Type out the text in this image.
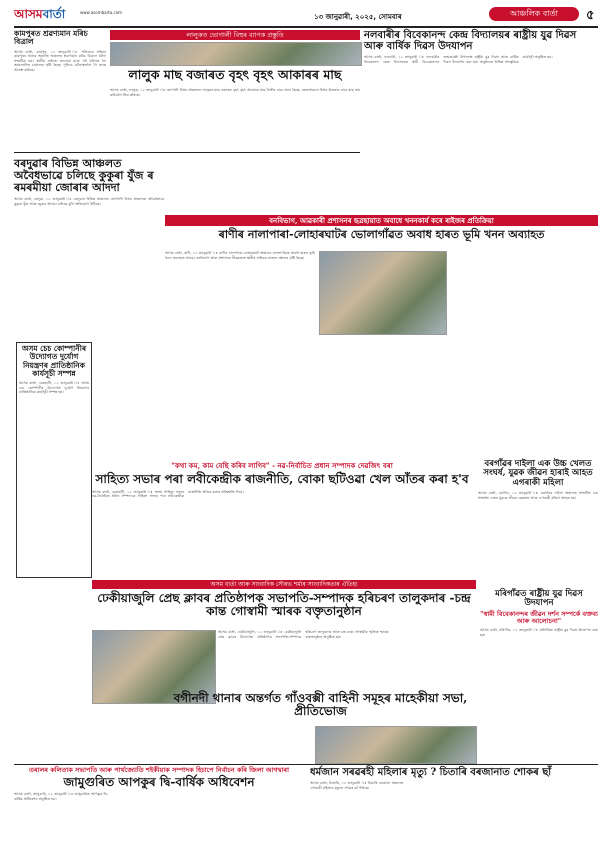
আসমবাৰ্তা	www.asombarta.com
১৩ জানুৱাৰী, ২০২৫, সোমবাৰ	আঞ্চলিক বাৰ্তা	৫
কামপুৰত শ্ৰৱণ্যমান মৰিচ বিত্ৰাল
আসম বাৰ্তা, কামপুৰ, ১২ জানুৱাৰী ঃ শনিবাৰে সন্ধিয়া কামপুৰৰ থানাৰ অন্তৰ্গত অঞ্চলত শ্ৰৱণ্যমান মৰিচ বিত্ৰাল ঘটনা সংঘটিত হয়। স্থানীয় ৰাইজে জনোৱা মতে এই ঘটনাক লৈ অঞ্চলটোত চাঞ্চল্যৰ সৃষ্টি হৈছে। পুলিচে ঘটনাস্থললৈ গৈ তদন্ত আৰম্ভ কৰিছে।
লালুকত ভোগালী বিহুৰ ব্যাপক প্ৰস্তুতি
লালুক মাছ বজাৰত বৃহৎ বৃহৎ আকাৰৰ মাছ
আসম বাৰ্তা, লালুক, ১২ জানুৱাৰী ঃ ভোগালী বিহুৰ প্ৰাক্কালত লালুকৰ মাছ বজাৰত বৃহৎ বৃহৎ আকাৰৰ মাছ বিক্ৰীৰ বাবে অনা হৈছে। ক্ৰেতাসকলে বিহুৰ উৰুকাৰ বাবে মাছ ক্ৰয় কৰিবলৈ ভিৰ কৰিছে।
নলবাৰীৰ বিবেকানন্দ কেন্দ্ৰ বিদ্যালয়ৰ ৰাষ্ট্ৰীয় যুৱ দিৱস আৰু বাৰ্ষিক দিৱস উদযাপন
আসম বাৰ্তা, নলবাৰী, ১২ জানুৱাৰী ঃ নলবাৰীৰ বিবেকানন্দ কেন্দ্ৰ বিদ্যালয়ত স্বামী বিবেকানন্দৰ জন্মজয়ন্তী উপলক্ষে ৰাষ্ট্ৰীয় যুৱ দিৱস আৰু বাৰ্ষিক দিৱস উদযাপন কৰা হয়। অনুষ্ঠানত বিভিন্ন সাংস্কৃতিক কাৰ্যসূচী অনুষ্ঠিত হয়।
বনবিভাগ, আৱকাৰী প্ৰশাসনৰ ছত্ৰছায়াত অবাধে খননকাৰ্য কৰে ৰাইজৰ প্ৰতিক্ৰিয়া
বৰদুৱাৰ বিভিন্ন আঞ্চলত অবৈধভাৱে চলিছে কুকুৰা যুঁজ ৰ ৰমৰমীয়া জোৰাৰ আদদা
আসম বাৰ্তা, বৰদুৱা, ১২ জানুৱাৰী ঃ বৰদুৱাৰ বিভিন্ন অঞ্চলত ভোগালী বিহুৰ প্ৰাক্কালত অবৈধভাৱে কুকুৰা যুঁজ আৰু জুৱাৰ আড্ডা চলিছে বুলি অভিযোগ উঠিছে।
ৰাণীৰ নালাপাৰা-লোহাৰঘাটৰ ভোলাগাঁৱত অবাধ হাৰত ভূমি খনন অব্যাহত
আসম বাৰ্তা, ৰাণী, ১২ জানুৱাৰী ঃ ৰাণীৰ নালাপাৰা-লোহাৰঘাট অঞ্চলৰ ভোলাগাঁৱত অবাধ হাৰত ভূমি খনন অব্যাহত আছে। বনবিভাগ আৰু প্ৰশাসনৰ নীৰৱতাত স্থানীয় ৰাইজৰ মাজত ক্ষোভৰ সৃষ্টি হৈছে।
অসম চেচ কোম্পানীৰ উদ্যোগত দুৰ্যোগ নিয়ন্ত্ৰণৰ প্ৰাতিষ্ঠানিক কাৰ্যসূচী সম্পন্ন
আসম বাৰ্তা, গুৱাহাটী, ১২ জানুৱাৰী ঃ অসম চেচ কোম্পানীৰ উদ্যোগত দুৰ্যোগ নিয়ন্ত্ৰণৰ প্ৰাতিষ্ঠানিক কাৰ্যসূচী সম্পন্ন হয়।
"কথা কম, কাম বেছি কৰিব লাগিব" - নৱ-নিৰ্বাচিত প্ৰধান সম্পাদক দেৱজিৎ বৰা
সাহিত্য সভাৰ পৰা লবীকেন্দ্ৰীক ৰাজনীতি, বোকা ছটিওৱা খেল আঁতৰ কৰা হ'ব
আসম বাৰ্তা, গুৱাহাটী, ১২ জানুৱাৰী ঃ অসম সাহিত্য সভাৰ নৱ-নিৰ্বাচিত প্ৰধান সম্পাদকে সাহিত্য সভাৰ পৰা লবীকেন্দ্ৰীক ৰাজনীতি আঁতৰ কৰাৰ প্ৰতিশ্ৰুতি দিয়ে।
বৰগাঁৱৰ দাইলা এক উচ্চ খেলত সংঘৰ্ষ, যুৱক জীৱন হাৰাই আহত এগৰাকী মহিলা
আসম বাৰ্তা, বৰগাঁও, ১২ জানুৱাৰী ঃ বৰগাঁৱৰ দাইলা অঞ্চলত সংঘটিত এক সংঘৰ্ষত এজন যুৱকে জীৱন হেৰুৱায় আৰু এগৰাকী মহিলা আহত হয়।
অসম বাৰ্তা আৰু সাংবাদিক সৌৰভ শৰ্মাৰ সাংবাদিকতাৰ ঐতিহ্য
ঢেকীয়াজুলি প্ৰেছ ক্লাবৰ প্ৰতিষ্ঠাপক সভাপতি-সম্পাদক হৰিচৰণ তালুকদাৰ -চন্দ্ৰ কান্ত গোস্বামী স্মাৰক বক্তৃতানুষ্ঠান
আসম বাৰ্তা, ঢেকীয়াজুলি, ১২ জানুৱাৰী ঃ ঢেকীয়াজুলি প্ৰেছ ক্লাবৰ উদ্যোগত প্ৰতিষ্ঠাপক সভাপতি-সম্পাদক হৰিচৰণ তালুকদাৰ আৰু চন্দ্ৰ কান্ত গোস্বামীৰ স্মৃতিত স্মাৰক বক্তৃতানুষ্ঠান অনুষ্ঠিত হয়।
মৰিগাঁৱত ৰাষ্ট্ৰীয় যুৱ দিৱস উদযাপন
"স্বামী বিবেকানন্দৰ জীৱন দৰ্শন সম্পৰ্কে বক্তব্য আৰু আলোচনা"
আসম বাৰ্তা, মৰিগাঁও, ১২ জানুৱাৰী ঃ মৰিগাঁৱত ৰাষ্ট্ৰীয় যুৱ দিৱস উদযাপন কৰা হয়।
বগীনদী থানাৰ অন্তৰ্গত গাঁওবক্সী বাহিনী সমূহৰ মাহেকীয়া সভা, প্ৰীতিভোজ
তৰালৰ কলিতাক সভাপতি আৰু পাৰ্থজ্যোতি শইকীয়াক সম্পাদক হিচাপে নিৰ্বাচন কৰি জিলা আগদ্বাৰা
জামুগুৰিত আপকুৰ দ্বি-বাৰ্ষিক অধিবেশন
আসম বাৰ্তা, জামুগুৰি, ১২ জানুৱাৰী ঃ জামুগুৰিত আপকুৰ দ্বি-বাৰ্ষিক অধিবেশন অনুষ্ঠিত হয়।
ধৰ্মজান সৰৱৰহী মহিলাৰ মৃত্যু ? চিতাৰি বৰজানাত শোকৰ ছাঁ
আসম বাৰ্তা, চিতাৰি, ১২ জানুৱাৰী ঃ চিতাৰি বৰজানা অঞ্চলত এগৰাকী মহিলাৰ মৃত্যুত শোকৰ ছাঁ পৰিছে।
